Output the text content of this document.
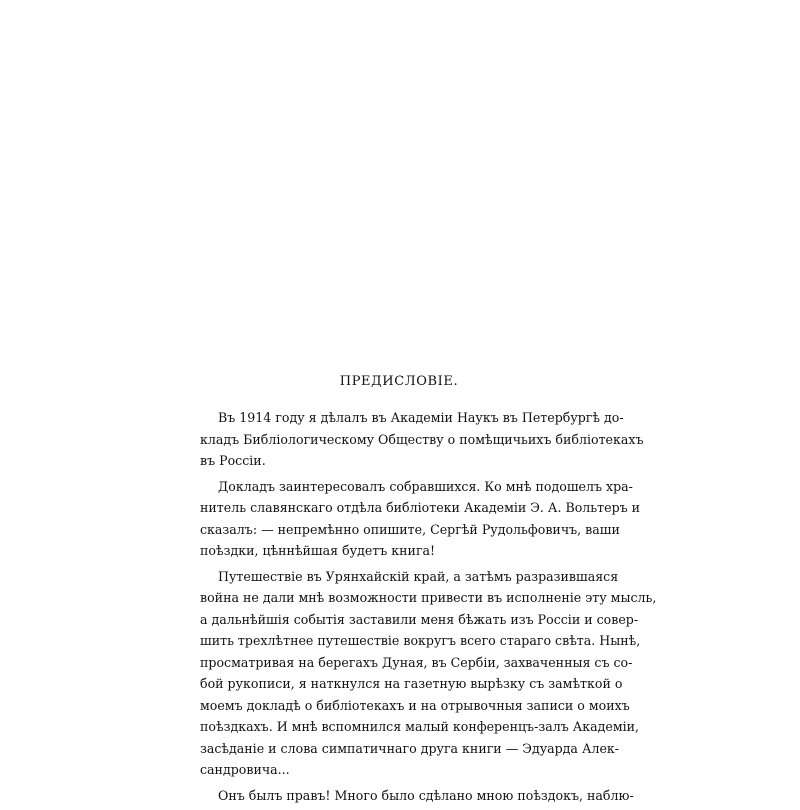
ПРЕДИСЛОВІЕ.
Въ 1914 году я дѣлалъ въ Академіи Наукъ въ Петербургѣ до-
кладъ Библіологическому Обществу о помѣщичьихъ библіотекахъ
въ Россіи.
Докладъ заинтересовалъ собравшихся. Ко мнѣ подошелъ хра-
нитель славянскаго отдѣла библіотеки Академіи Э. А. Вольтеръ и
сказалъ: — непремѣнно опишите, Сергѣй Рудольфовичъ, ваши
поѣздки, цѣннѣйшая будетъ книга!
Путешествіе въ Урянхайскій край, а затѣмъ разразившаяся
война не дали мнѣ возможности привести въ исполненіе эту мысль,
а дальнѣйшія событія заставили меня бѣжать изъ Россіи и совер-
шить трехлѣтнее путешествіе вокругъ всего стараго свѣта. Нынѣ,
просматривая на берегахъ Дуная, въ Сербіи, захваченныя съ со-
бой рукописи, я наткнулся на газетную вырѣзку съ замѣткой о
моемъ докладѣ о библіотекахъ и на отрывочныя записи о моихъ
поѣздкахъ. И мнѣ вспомнился малый конференцъ-залъ Академіи,
засѣданіе и слова симпатичнаго друга книги — Эдуарда Алек-
сандровича...
Онъ былъ правъ! Много было сдѣлано мною поѣздокъ, наблю-
